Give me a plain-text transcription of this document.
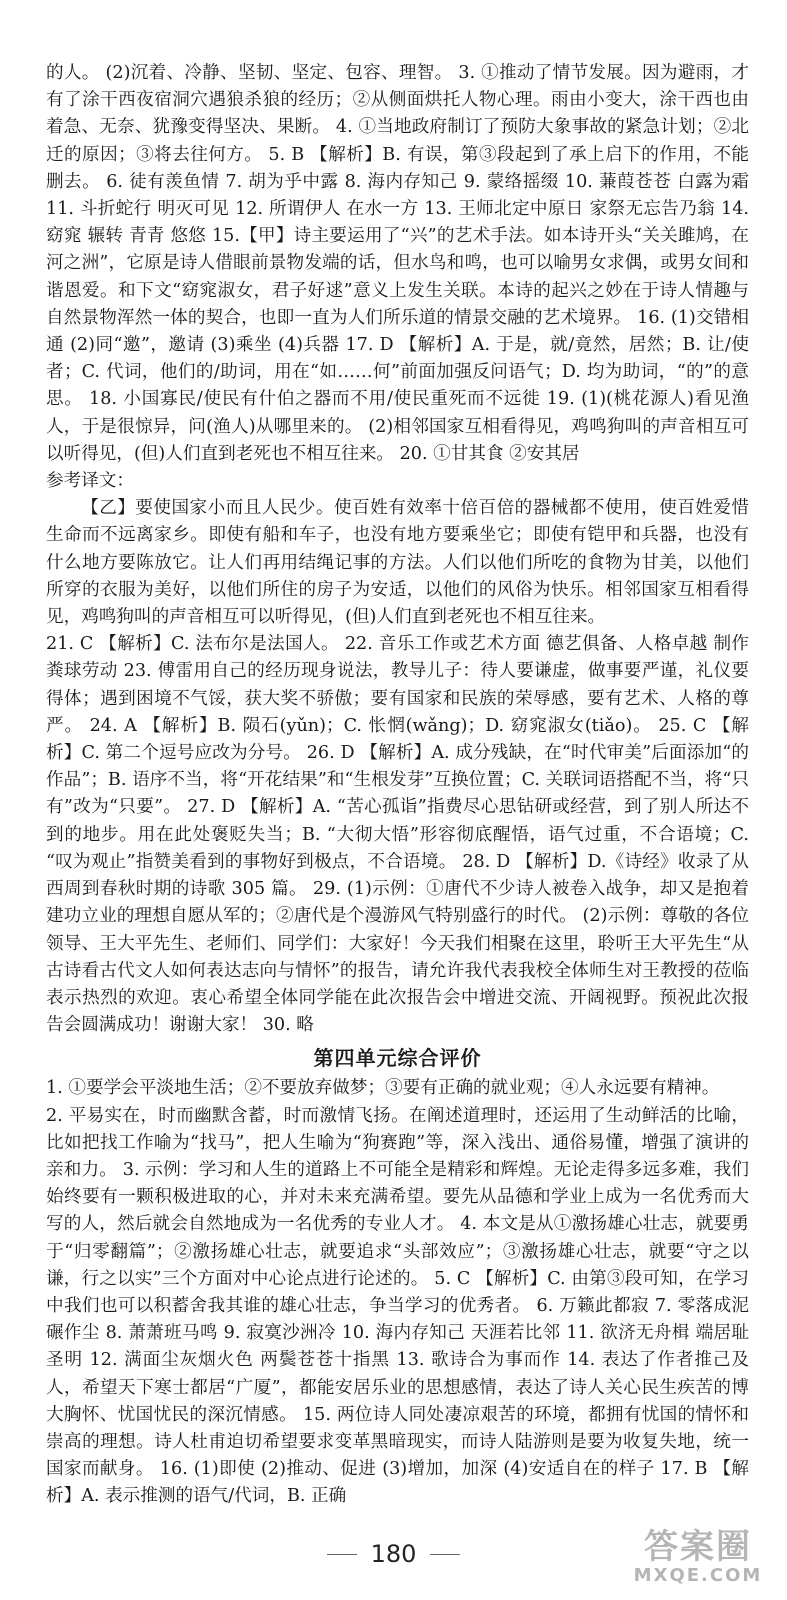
的人。 (2)沉着、冷静、坚韧、坚定、包容、理智。 3. ①推动了情节发展。因为避雨，才有了涂干西夜宿洞穴遇狼杀狼的经历；②从侧面烘托人物心理。雨由小变大，涂干西也由着急、无奈、犹豫变得坚决、果断。 4. ①当地政府制订了预防大象事故的紧急计划；②北迁的原因；③将去往何方。 5. B 【解析】B. 有误，第③段起到了承上启下的作用，不能删去。 6. 徒有羡鱼情 7. 胡为乎中露 8. 海内存知己 9. 蒙络摇缀 10. 蒹葭苍苍 白露为霜 11. 斗折蛇行 明灭可见 12. 所谓伊人 在水一方 13. 王师北定中原日 家祭无忘告乃翁 14. 窈窕 辗转 青青 悠悠 15.【甲】诗主要运用了“兴”的艺术手法。如本诗开头“关关雎鸠，在河之洲”，它原是诗人借眼前景物发端的话，但水鸟和鸣，也可以喻男女求偶，或男女间和谐恩爱。和下文“窈窕淑女，君子好逑”意义上发生关联。本诗的起兴之妙在于诗人情趣与自然景物浑然一体的契合，也即一直为人们所乐道的情景交融的艺术境界。 16. (1)交错相通 (2)同“邀”，邀请 (3)乘坐 (4)兵器 17. D 【解析】A. 于是，就/竟然，居然；B. 让/使者；C. 代词，他们的/助词，用在“如……何”前面加强反问语气；D. 均为助词，“的”的意思。 18. 小国寡民/使民有什伯之器而不用/使民重死而不远徙 19. (1)(桃花源人)看见渔人，于是很惊异，问(渔人)从哪里来的。 (2)相邻国家互相看得见，鸡鸣狗叫的声音相互可以听得见，(但)人们直到老死也不相互往来。 20. ①甘其食 ②安其居

参考译文：

【乙】要使国家小而且人民少。使百姓有效率十倍百倍的器械都不使用，使百姓爱惜生命而不远离家乡。即使有船和车子，也没有地方要乘坐它；即使有铠甲和兵器，也没有什么地方要陈放它。让人们再用结绳记事的方法。人们以他们所吃的食物为甘美，以他们所穿的衣服为美好，以他们所住的房子为安适，以他们的风俗为快乐。相邻国家互相看得见，鸡鸣狗叫的声音相互可以听得见，(但)人们直到老死也不相互往来。

21. C 【解析】C. 法布尔是法国人。 22. 音乐工作或艺术方面 德艺俱备、人格卓越 制作粪球劳动 23. 傅雷用自己的经历现身说法，教导儿子：待人要谦虚，做事要严谨，礼仪要得体；遇到困境不气馁，获大奖不骄傲；要有国家和民族的荣辱感，要有艺术、人格的尊严。 24. A 【解析】B. 陨石(yǔn)；C. 怅惘(wǎng)；D. 窈窕淑女(tiǎo)。 25. C 【解析】C. 第二个逗号应改为分号。 26. D 【解析】A. 成分残缺，在“时代审美”后面添加“的作品”；B. 语序不当，将“开花结果”和“生根发芽”互换位置；C. 关联词语搭配不当，将“只有”改为“只要”。 27. D 【解析】A. “苦心孤诣”指费尽心思钻研或经营，到了别人所达不到的地步。用在此处褒贬失当；B. “大彻大悟”形容彻底醒悟，语气过重，不合语境；C. “叹为观止”指赞美看到的事物好到极点，不合语境。 28. D 【解析】D.《诗经》收录了从西周到春秋时期的诗歌 305 篇。 29. (1)示例：①唐代不少诗人被卷入战争，却又是抱着建功立业的理想自愿从军的；②唐代是个漫游风气特别盛行的时代。 (2)示例：尊敬的各位领导、王大平先生、老师们、同学们：大家好！今天我们相聚在这里，聆听王大平先生“从古诗看古代文人如何表达志向与情怀”的报告，请允许我代表我校全体师生对王教授的莅临表示热烈的欢迎。衷心希望全体同学能在此次报告会中增进交流、开阔视野。预祝此次报告会圆满成功！谢谢大家！ 30. 略

第四单元综合评价

1. ①要学会平淡地生活；②不要放弃做梦；③要有正确的就业观；④人永远要有精神。

2. 平易实在，时而幽默含蓄，时而激情飞扬。在阐述道理时，还运用了生动鲜活的比喻，比如把找工作喻为“找马”，把人生喻为“狗赛跑”等，深入浅出、通俗易懂，增强了演讲的亲和力。 3. 示例：学习和人生的道路上不可能全是精彩和辉煌。无论走得多远多难，我们始终要有一颗积极进取的心，并对未来充满希望。要先从品德和学业上成为一名优秀而大写的人，然后就会自然地成为一名优秀的专业人才。 4. 本文是从①激扬雄心壮志，就要勇于“归零翻篇”；②激扬雄心壮志，就要追求“头部效应”；③激扬雄心壮志，就要“守之以谦，行之以实”三个方面对中心论点进行论述的。 5. C 【解析】C. 由第③段可知，在学习中我们也可以积蓄舍我其谁的雄心壮志，争当学习的优秀者。 6. 万籁此都寂 7. 零落成泥碾作尘 8. 萧萧班马鸣 9. 寂寞沙洲冷 10. 海内存知己 天涯若比邻 11. 欲济无舟楫 端居耻圣明 12. 满面尘灰烟火色 两鬓苍苍十指黑 13. 歌诗合为事而作 14. 表达了作者推己及人，希望天下寒士都居“广厦”，都能安居乐业的思想感情，表达了诗人关心民生疾苦的博大胸怀、忧国忧民的深沉情感。 15. 两位诗人同处凄凉艰苦的环境，都拥有忧国的情怀和崇高的理想。诗人杜甫迫切希望要求变革黑暗现实，而诗人陆游则是要为收复失地，统一国家而献身。 16. (1)即使 (2)推动、促进 (3)增加，加深 (4)安适自在的样子 17. B 【解析】A. 表示推测的语气/代词，B. 正确

180	答案圈
MXQE.COM
